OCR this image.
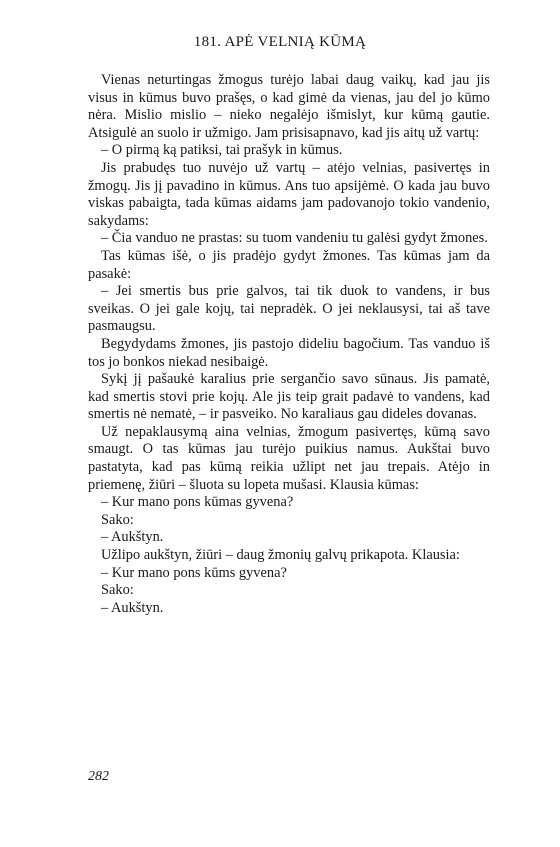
181. APĖ VELNIĄ KŪMĄ

Vienas neturtingas žmogus turėjo labai daug vaikų, kad jau jis visus in kūmus buvo prašęs, o kad gimė da vienas, jau del jo kūmo nėra. Mislio mislio – nieko negalėjo išmislyt, kur kūmą gautie. Atsigulė an suolo ir užmigo. Jam prisisapnavo, kad jis aitų už vartų:

– O pirmą ką patiksi, tai prašyk in kūmus.

Jis prabudęs tuo nuvėjo už vartų – atėjo velnias, pasivertęs in žmogų. Jis jį pavadino in kūmus. Ans tuo apsijėmė. O kada jau buvo viskas pabaigta, tada kūmas aidams jam padovanojo tokio vandenio, sakydams:

– Čia vanduo ne prastas: su tuom vandeniu tu galėsi gydyt žmones.

Tas kūmas išė, o jis pradėjo gydyt žmones. Tas kūmas jam da pasakė:

– Jei smertis bus prie galvos, tai tik duok to vandens, ir bus sveikas. O jei gale kojų, tai nepradėk. O jei neklausysi, tai aš tave pasmaugsu.

Begydydams žmones, jis pastojo dideliu bagočium. Tas vanduo iš tos jo bonkos niekad nesibaigė.

Sykį jį pašaukė karalius prie sergančio savo sūnaus. Jis pamatė, kad smertis stovi prie kojų. Ale jis teip grait padavė to vandens, kad smertis nė nematė, – ir pasveiko. No karaliaus gau dideles dovanas.

Už nepaklausymą aina velnias, žmogum pasivertęs, kūmą savo smaugt. O tas kūmas jau turėjo puikius namus. Aukštai buvo pastatyta, kad pas kūmą reikia užlipt net jau trepais. Atėjo in priemenę, žiūri – šluota su lopeta mušasi. Klausia kūmas:

– Kur mano pons kūmas gyvena?

Sako:

– Aukštyn.

Užlipo aukštyn, žiūri – daug žmonių galvų prikapota. Klausia:

– Kur mano pons kūms gyvena?

Sako:

– Aukštyn.

282
